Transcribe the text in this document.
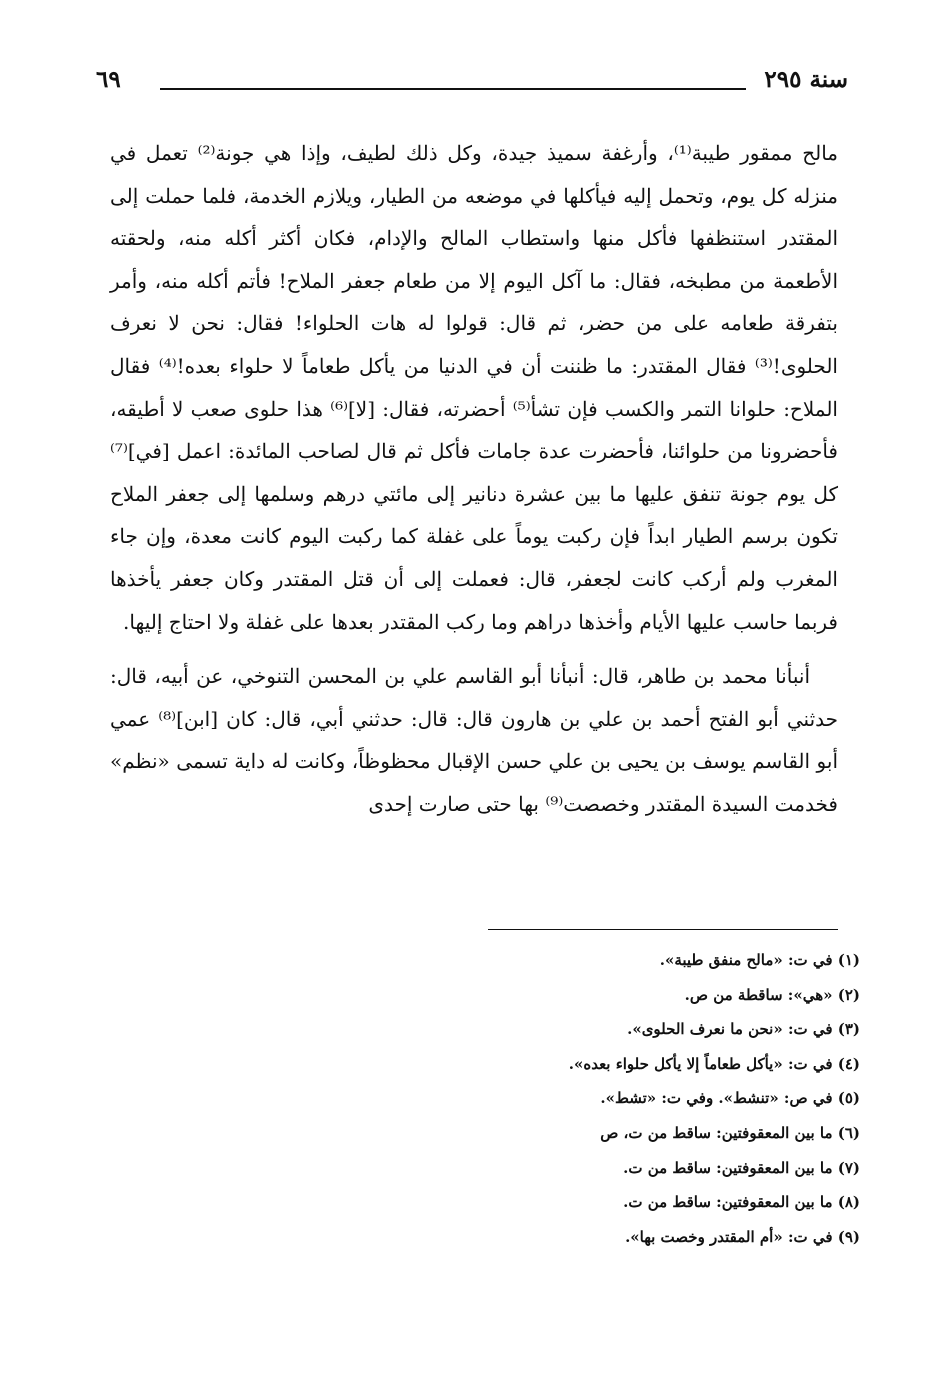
سنة ٢٩٥
٦٩

مالح ممقور طيبة⁽¹⁾، وأرغفة سميذ جيدة، وكل ذلك لطيف، وإذا هي جونة⁽²⁾ تعمل في منزله كل يوم، وتحمل إليه فيأكلها في موضعه من الطيار، ويلازم الخدمة، فلما حملت إلى المقتدر استنظفها فأكل منها واستطاب المالح والإدام، فكان أكثر أكله منه، ولحقته الأطعمة من مطبخه، فقال: ما آكل اليوم إلا من طعام جعفر الملاح! فأتم أكله منه، وأمر بتفرقة طعامه على من حضر، ثم قال: قولوا له هات الحلواء! فقال: نحن لا نعرف الحلوى!⁽³⁾ فقال المقتدر: ما ظننت أن في الدنيا من يأكل طعاماً لا حلواء بعده!⁽⁴⁾ فقال الملاح: حلوانا التمر والكسب فإن تشأ⁽⁵⁾ أحضرته، فقال: [لا]⁽⁶⁾ هذا حلوى صعب لا أطيقه، فأحضرونا من حلوائنا، فأحضرت عدة جامات فأكل ثم قال لصاحب المائدة: اعمل [في]⁽⁷⁾ كل يوم جونة تنفق عليها ما بين عشرة دنانير إلى مائتي درهم وسلمها إلى جعفر الملاح تكون برسم الطيار ابداً فإن ركبت يوماً على غفلة كما ركبت اليوم كانت معدة، وإن جاء المغرب ولم أركب كانت لجعفر، قال: فعملت إلى أن قتل المقتدر وكان جعفر يأخذها فربما حاسب عليها الأيام وأخذها دراهم وما ركب المقتدر بعدها على غفلة ولا احتاج إليها.

أنبأنا محمد بن طاهر، قال: أنبأنا أبو القاسم علي بن المحسن التنوخي، عن أبيه، قال: حدثني أبو الفتح أحمد بن علي بن هارون قال: قال: حدثني أبي، قال: كان [ابن]⁽⁸⁾ عمي أبو القاسم يوسف بن يحيى بن علي حسن الإقبال محظوظاً، وكانت له داية تسمى «نظم» فخدمت السيدة المقتدر وخصصت⁽⁹⁾ بها حتى صارت إحدى

(١) في ت: «مالح منفق طيبة».
(٢) «هي»: ساقطة من ص.
(٣) في ت: «نحن ما نعرف الحلوى».
(٤) في ت: «يأكل طعاماً إلا يأكل حلواء بعده».
(٥) في ص: «تنشط». وفي ت: «تشط».
(٦) ما بين المعقوفتين: ساقط من ت، ص
(٧) ما بين المعقوفتين: ساقط من ت.
(٨) ما بين المعقوفتين: ساقط من ت.
(٩) في ت: «أم المقتدر وخصت بها».
